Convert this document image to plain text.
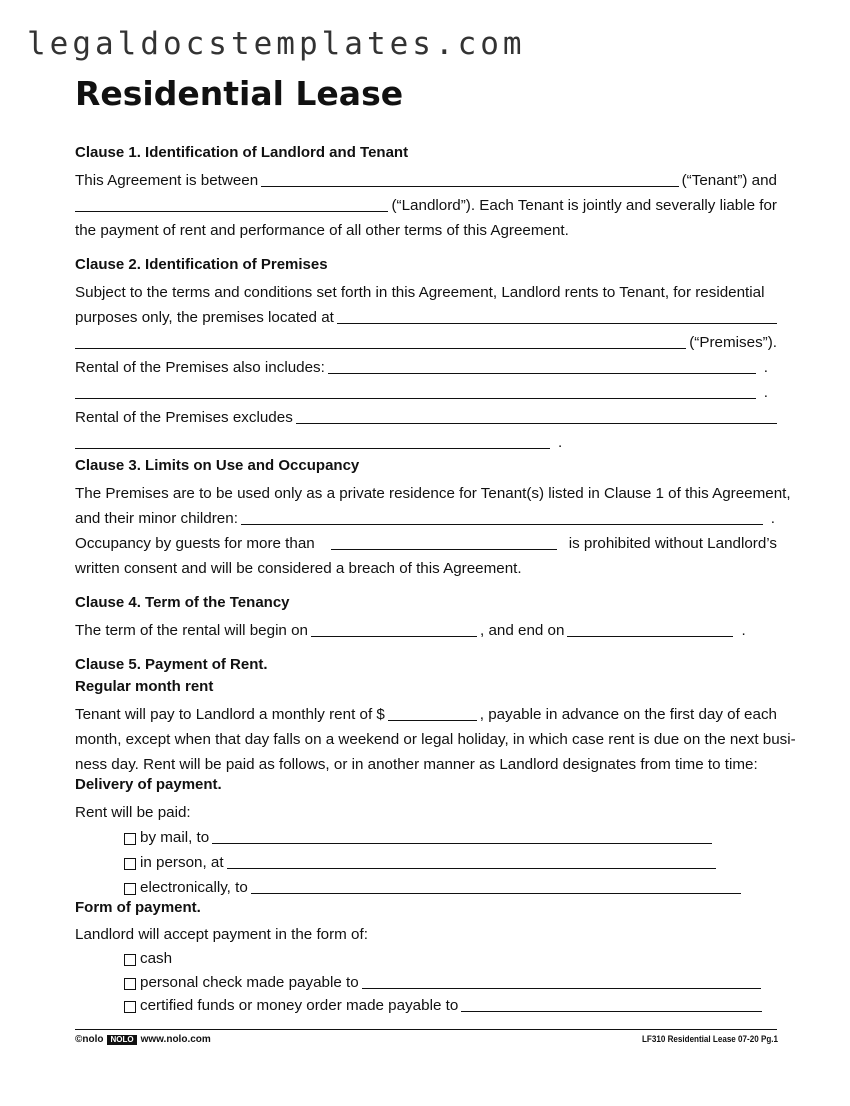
legaldocstemplates.com
Residential Lease
Clause 1. Identification of Landlord and Tenant
This Agreement is between	(“Tenant”) and
(“Landlord”). Each Tenant is jointly and severally liable for
the payment of rent and performance of all other terms of this Agreement.
Clause 2. Identification of Premises
Subject to the terms and conditions set forth in this Agreement, Landlord rents to Tenant, for residential
purposes only, the premises located at
(“Premises”).
Rental of the Premises also includes:	.
.
Rental of the Premises excludes
.
Clause 3. Limits on Use and Occupancy
The Premises are to be used only as a private residence for Tenant(s) listed in Clause 1 of this Agreement,
and their minor children:	.
Occupancy by guests for more than	is prohibited without Landlord’s
written consent and will be considered a breach of this Agreement.
Clause 4. Term of the Tenancy
The term of the rental will begin on	, and end on	.
Clause 5. Payment of Rent.
Regular month rent
Tenant will pay to Landlord a monthly rent of $	, payable in advance on the first day of each
month, except when that day falls on a weekend or legal holiday, in which case rent is due on the next busi-
ness day. Rent will be paid as follows, or in another manner as Landlord designates from time to time:
Delivery of payment.
Rent will be paid:
by mail, to
in person, at
electronically, to
Form of payment.
Landlord will accept payment in the form of:
cash
personal check made payable to
certified funds or money order made payable to
©nolo NOLO www.nolo.com	LF310 Residential Lease 07-20 Pg.1
